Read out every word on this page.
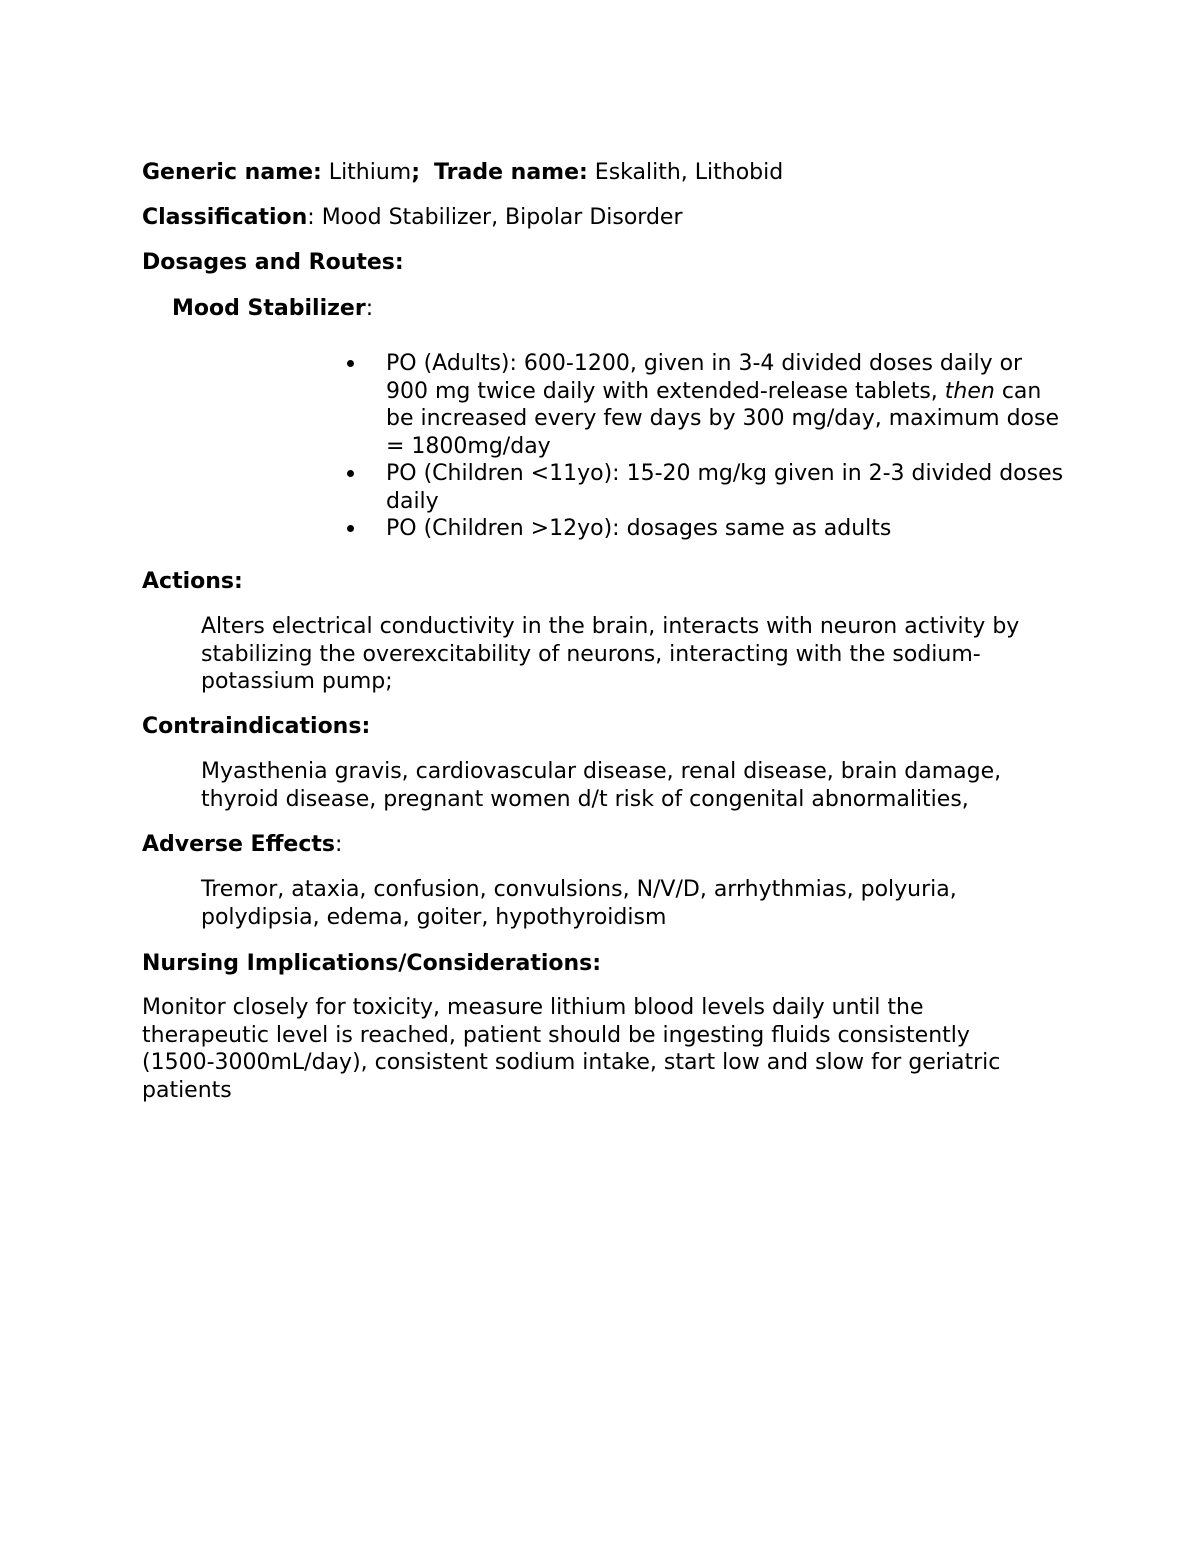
Generic name: Lithium; Trade name: Eskalith, Lithobid
Classification: Mood Stabilizer, Bipolar Disorder
Dosages and Routes:
Mood Stabilizer:
PO (Adults): 600-1200, given in 3-4 divided doses daily or 900 mg twice daily with extended-release tablets, then can be increased every few days by 300 mg/day, maximum dose = 1800mg/day
PO (Children <11yo): 15-20 mg/kg given in 2-3 divided doses daily
PO (Children >12yo): dosages same as adults
Actions:
Alters electrical conductivity in the brain, interacts with neuron activity by stabilizing the overexcitability of neurons, interacting with the sodium-potassium pump;
Contraindications:
Myasthenia gravis, cardiovascular disease, renal disease, brain damage, thyroid disease, pregnant women d/t risk of congenital abnormalities,
Adverse Effects:
Tremor, ataxia, confusion, convulsions, N/V/D, arrhythmias, polyuria, polydipsia, edema, goiter, hypothyroidism
Nursing Implications/Considerations:
Monitor closely for toxicity, measure lithium blood levels daily until the therapeutic level is reached, patient should be ingesting fluids consistently (1500-3000mL/day), consistent sodium intake, start low and slow for geriatric patients
